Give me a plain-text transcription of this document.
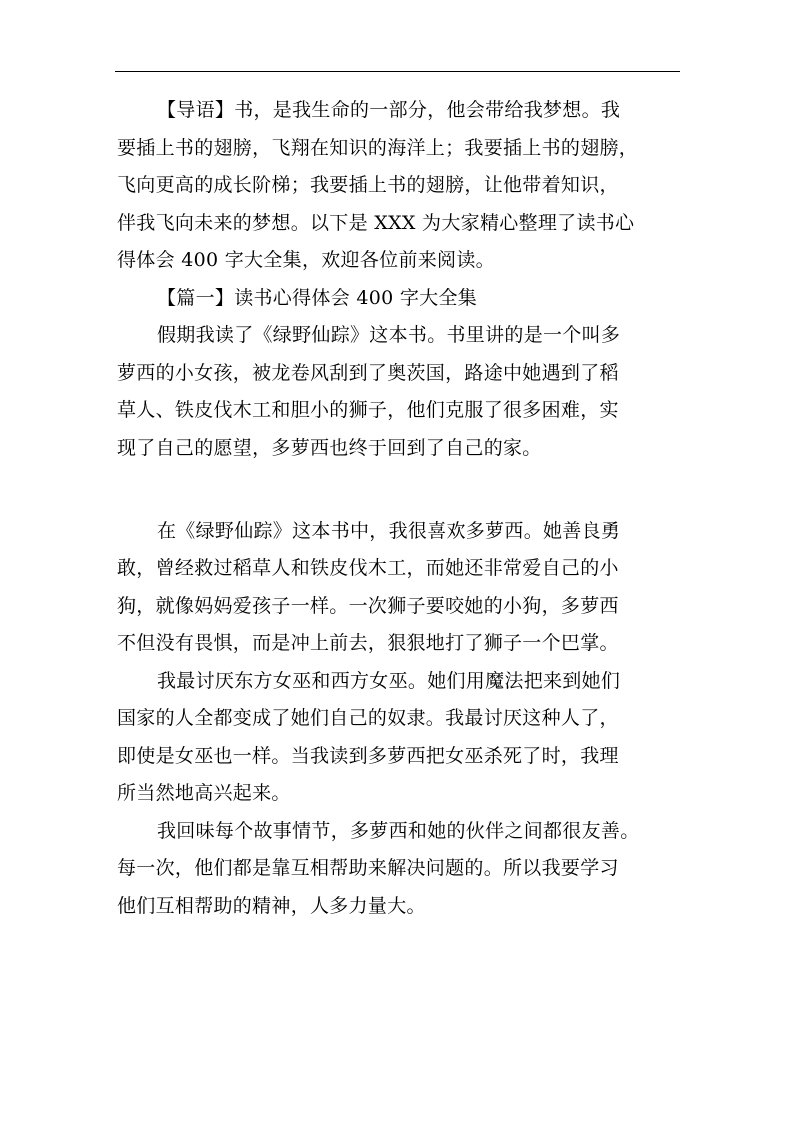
【导语】书，是我生命的一部分，他会带给我梦想。我
要插上书的翅膀，飞翔在知识的海洋上；我要插上书的翅膀，
飞向更高的成长阶梯；我要插上书的翅膀，让他带着知识，
伴我飞向未来的梦想。以下是 XXX 为大家精心整理了读书心
得体会 400 字大全集，欢迎各位前来阅读。
【篇一】读书心得体会 400 字大全集
假期我读了《绿野仙踪》这本书。书里讲的是一个叫多
萝西的小女孩，被龙卷风刮到了奥茨国，路途中她遇到了稻
草人、铁皮伐木工和胆小的狮子，他们克服了很多困难，实
现了自己的愿望，多萝西也终于回到了自己的家。
在《绿野仙踪》这本书中，我很喜欢多萝西。她善良勇
敢，曾经救过稻草人和铁皮伐木工，而她还非常爱自己的小
狗，就像妈妈爱孩子一样。一次狮子要咬她的小狗，多萝西
不但没有畏惧，而是冲上前去，狠狠地打了狮子一个巴掌。
我最讨厌东方女巫和西方女巫。她们用魔法把来到她们
国家的人全都变成了她们自己的奴隶。我最讨厌这种人了，
即使是女巫也一样。当我读到多萝西把女巫杀死了时，我理
所当然地高兴起来。
我回味每个故事情节，多萝西和她的伙伴之间都很友善。
每一次，他们都是靠互相帮助来解决问题的。所以我要学习
他们互相帮助的精神，人多力量大。
